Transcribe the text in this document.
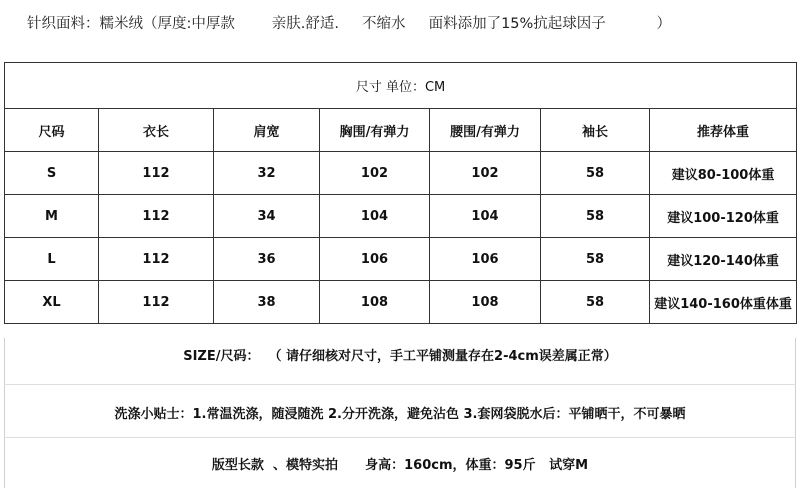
针织面料：糯米绒（厚度:中厚款        亲肤.舒适.     不缩水     面料添加了15%抗起球因子           ）
尺寸 单位：CM						
尺码	衣长	肩宽	胸围/有弹力	腰围/有弹力	袖长	推荐体重
S	112	32	102	102	58	建议80-100体重
M	112	34	104	104	58	建议100-120体重
L	112	36	106	106	58	建议120-140体重
XL	112	38	108	108	58	建议140-160体重体重
SIZE/尺码：  （ 请仔细核对尺寸，手工平铺测量存在2-4cm误差属正常）
洗涤小贴士：1.常温洗涤，随浸随洗 2.分开洗涤，避免沾色 3.套网袋脱水后：平铺晒干，不可暴晒
版型长款  、模特实拍      身高：160cm，体重：95斤   试穿M
